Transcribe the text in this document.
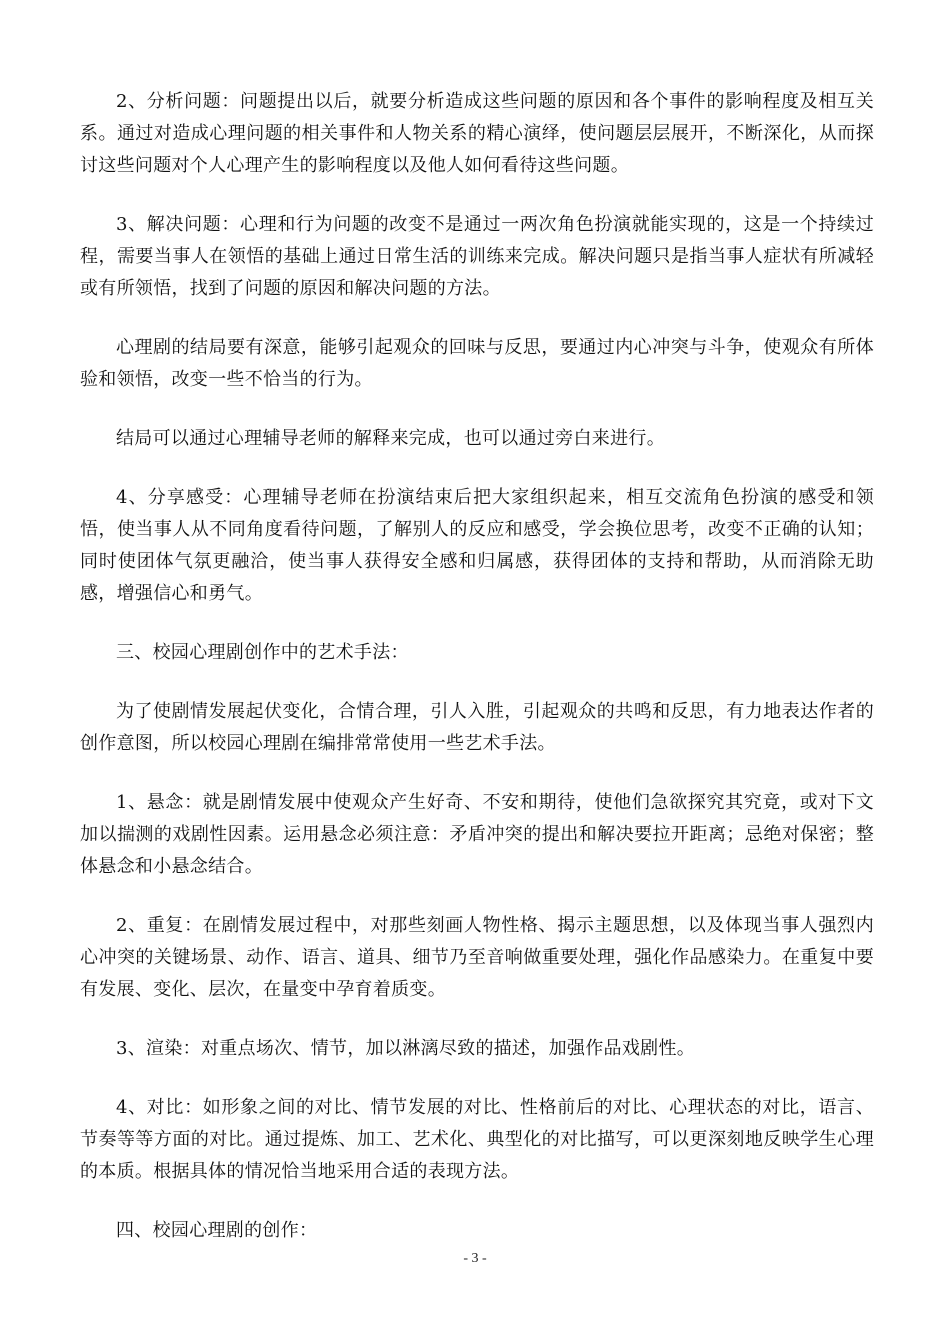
2、分析问题：问题提出以后，就要分析造成这些问题的原因和各个事件的影响程度及相互关系。通过对造成心理问题的相关事件和人物关系的精心演绎，使问题层层展开，不断深化，从而探讨这些问题对个人心理产生的影响程度以及他人如何看待这些问题。

3、解决问题：心理和行为问题的改变不是通过一两次角色扮演就能实现的，这是一个持续过程，需要当事人在领悟的基础上通过日常生活的训练来完成。解决问题只是指当事人症状有所减轻或有所领悟，找到了问题的原因和解决问题的方法。

心理剧的结局要有深意，能够引起观众的回味与反思，要通过内心冲突与斗争，使观众有所体验和领悟，改变一些不恰当的行为。

结局可以通过心理辅导老师的解释来完成，也可以通过旁白来进行。

4、分享感受：心理辅导老师在扮演结束后把大家组织起来，相互交流角色扮演的感受和领悟，使当事人从不同角度看待问题，了解别人的反应和感受，学会换位思考，改变不正确的认知；同时使团体气氛更融洽，使当事人获得安全感和归属感，获得团体的支持和帮助，从而消除无助感，增强信心和勇气。

三、校园心理剧创作中的艺术手法：

为了使剧情发展起伏变化，合情合理，引人入胜，引起观众的共鸣和反思，有力地表达作者的创作意图，所以校园心理剧在编排常常使用一些艺术手法。

1、悬念：就是剧情发展中使观众产生好奇、不安和期待，使他们急欲探究其究竟，或对下文加以揣测的戏剧性因素。运用悬念必须注意：矛盾冲突的提出和解决要拉开距离；忌绝对保密；整体悬念和小悬念结合。

2、重复：在剧情发展过程中，对那些刻画人物性格、揭示主题思想，以及体现当事人强烈内心冲突的关键场景、动作、语言、道具、细节乃至音响做重要处理，强化作品感染力。在重复中要有发展、变化、层次，在量变中孕育着质变。

3、渲染：对重点场次、情节，加以淋漓尽致的描述，加强作品戏剧性。

4、对比：如形象之间的对比、情节发展的对比、性格前后的对比、心理状态的对比，语言、节奏等等方面的对比。通过提炼、加工、艺术化、典型化的对比描写，可以更深刻地反映学生心理的本质。根据具体的情况恰当地采用合适的表现方法。

四、校园心理剧的创作：

- 3 -
